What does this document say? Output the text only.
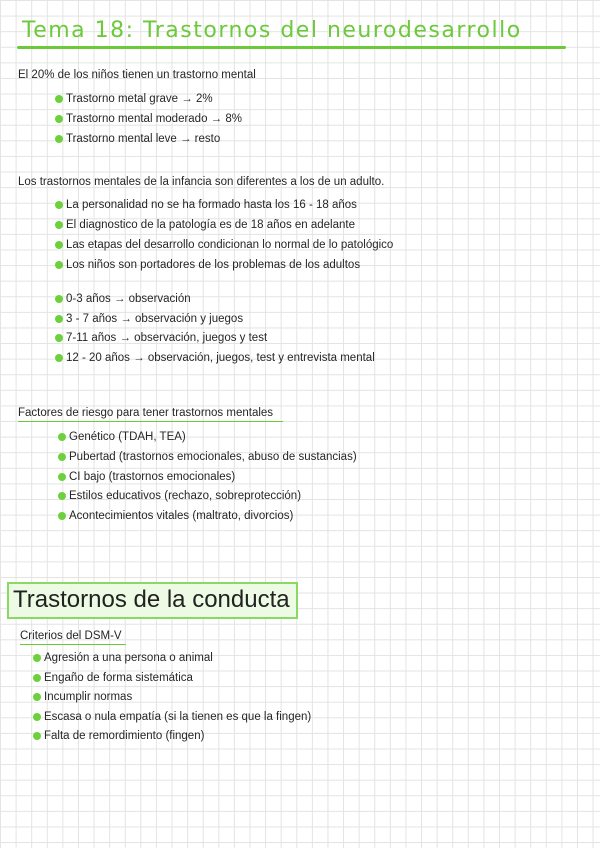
Tema 18: Trastornos del neurodesarrollo
El 20% de los niños tienen un trastorno mental
Trastorno metal grave → 2%
Trastorno mental moderado → 8%
Trastorno mental leve → resto
Los trastornos mentales de la infancia son diferentes a los de un adulto.
La personalidad no se ha formado hasta los 16 - 18 años
El diagnostico de la patología es de 18 años en adelante
Las etapas del desarrollo condicionan lo normal de lo patológico
Los niños son portadores de los problemas de los adultos
0-3 años → observación
3 - 7 años → observación y juegos
7-11 años → observación, juegos y test
12 - 20 años → observación, juegos, test y entrevista mental
Factores de riesgo para tener trastornos mentales
Genético (TDAH, TEA)
Pubertad (trastornos emocionales, abuso de sustancias)
CI bajo (trastornos emocionales)
Estilos educativos (rechazo, sobreprotección)
Acontecimientos vitales (maltrato, divorcios)
Trastornos de la conducta
Criterios del DSM-V
Agresión a una persona o animal
Engaño de forma sistemática
Incumplir normas
Escasa o nula empatía (si la tienen es que la fingen)
Falta de remordimiento (fingen)
